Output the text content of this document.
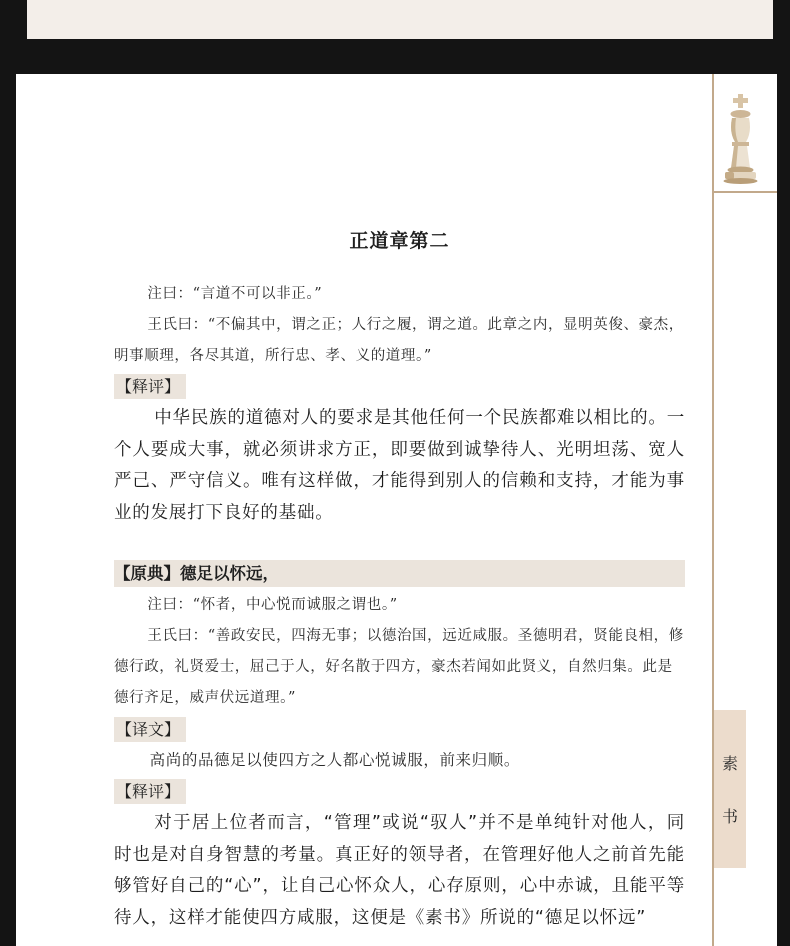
素
书
正道章第二
注曰：“言道不可以非正。”
王氏曰：“不偏其中，谓之正；人行之履，谓之道。此章之内，显明英俊、豪杰，明事顺理，各尽其道，所行忠、孝、义的道理。”
【释评】
中华民族的道德对人的要求是其他任何一个民族都难以相比的。一个人要成大事，就必须讲求方正，即要做到诚挚待人、光明坦荡、宽人严己、严守信义。唯有这样做，才能得到别人的信赖和支持，才能为事业的发展打下良好的基础。
【原典】德足以怀远，
注曰：“怀者，中心悦而诚服之谓也。”
王氏曰：“善政安民，四海无事；以德治国，远近咸服。圣德明君，贤能良相，修德行政，礼贤爱士，屈己于人，好名散于四方，豪杰若闻如此贤义，自然归集。此是德行齐足，威声伏远道理。”
【译文】
高尚的品德足以使四方之人都心悦诚服，前来归顺。
【释评】
对于居上位者而言，“管理”或说“驭人”并不是单纯针对他人，同时也是对自身智慧的考量。真正好的领导者，在管理好他人之前首先能够管好自己的“心”，让自己心怀众人，心存原则，心中赤诚，且能平等待人，这样才能使四方咸服，这便是《素书》所说的“德足以怀远”
